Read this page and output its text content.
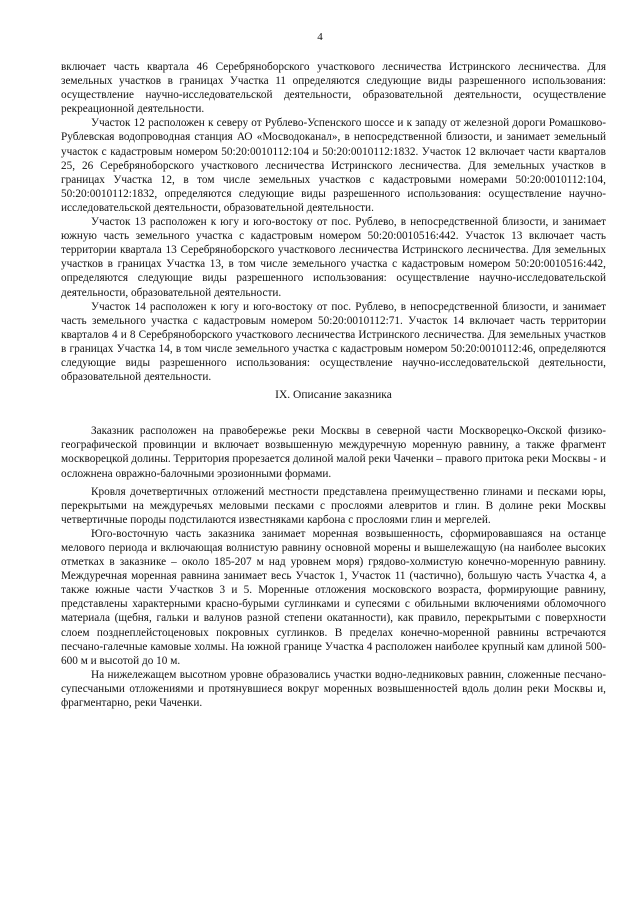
4

включает часть квартала 46 Серебряноборского участкового лесничества Истринского лесничества. Для земельных участков в границах Участка 11 определяются следующие виды разрешенного использования: осуществление научно-исследовательской деятельности, образовательной деятельности, осуществление рекреационной деятельности.

Участок 12 расположен к северу от Рублево-Успенского шоссе и к западу от железной дороги Ромашково-Рублевская водопроводная станция АО «Мосводоканал», в непосредственной близости, и занимает земельный участок с кадастровым номером 50:20:0010112:104 и 50:20:0010112:1832. Участок 12 включает части кварталов 25, 26 Серебряноборского участкового лесничества Истринского лесничества. Для земельных участков в границах Участка 12, в том числе земельных участков с кадастровыми номерами 50:20:0010112:104, 50:20:0010112:1832, определяются следующие виды разрешенного использования: осуществление научно-исследовательской деятельности, образовательной деятельности.

Участок 13 расположен к югу и юго-востоку от пос. Рублево, в непосредственной близости, и занимает южную часть земельного участка с кадастровым номером 50:20:0010516:442. Участок 13 включает часть территории квартала 13 Серебряноборского участкового лесничества Истринского лесничества. Для земельных участков в границах Участка 13, в том числе земельного участка с кадастровым номером 50:20:0010516:442, определяются следующие виды разрешенного использования: осуществление научно-исследовательской деятельности, образовательной деятельности.

Участок 14 расположен к югу и юго-востоку от пос. Рублево, в непосредственной близости, и занимает часть земельного участка с кадастровым номером 50:20:0010112:71. Участок 14 включает часть территории кварталов 4 и 8 Серебряноборского участкового лесничества Истринского лесничества. Для земельных участков в границах Участка 14, в том числе земельного участка с кадастровым номером 50:20:0010112:46, определяются следующие виды разрешенного использования: осуществление научно-исследовательской деятельности, образовательной деятельности.

IX. Описание заказника

Заказник расположен на правобережье реки Москвы в северной части Москворецко-Окской физико-географической провинции и включает возвышенную междуречную моренную равнину, а также фрагмент москворецкой долины. Территория прорезается долиной малой реки Чаченки – правого притока реки Москвы - и осложнена овражно-балочными эрозионными формами.

Кровля дочетвертичных отложений местности представлена преимущественно глинами и песками юры, перекрытыми на междуречьях меловыми песками с прослоями алевритов и глин. В долине реки Москвы четвертичные породы подстилаются известняками карбона с прослоями глин и мергелей.

Юго-восточную часть заказника занимает моренная возвышенность, сформировавшаяся на останце мелового периода и включающая волнистую равнину основной морены и вышележащую (на наиболее высоких отметках в заказнике – около 185-207 м над уровнем моря) грядово-холмистую конечно-моренную равнину. Междуречная моренная равнина занимает весь Участок 1, Участок 11 (частично), большую часть Участка 4, а также южные части Участков 3 и 5. Моренные отложения московского возраста, формирующие равнину, представлены характерными красно-бурыми суглинками и супесями с обильными включениями обломочного материала (щебня, гальки и валунов разной степени окатанности), как правило, перекрытыми с поверхности слоем позднеплейстоценовых покровных суглинков. В пределах конечно-моренной равнины встречаются песчано-галечные камовые холмы. На южной границе Участка 4 расположен наиболее крупный кам длиной 500-600 м и высотой до 10 м.

На нижележащем высотном уровне образовались участки водно-ледниковых равнин, сложенные песчано-супесчаными отложениями и протянувшиеся вокруг моренных возвышенностей вдоль долин реки Москвы и, фрагментарно, реки Чаченки.
